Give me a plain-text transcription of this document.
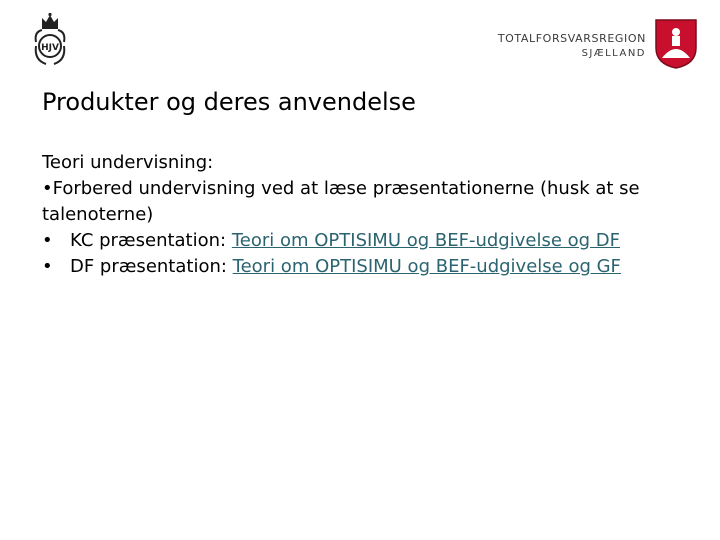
HJV
TOTALFORSVARSREGION
SJÆLLAND
Produkter og deres anvendelse

Teori undervisning:

•Forbered undervisning ved at læse præsentationerne (husk at se talenoterne)

• KC præsentation: Teori om OPTISIMU og BEF-udgivelse og DF
• DF præsentation: Teori om OPTISIMU og BEF-udgivelse og GF
